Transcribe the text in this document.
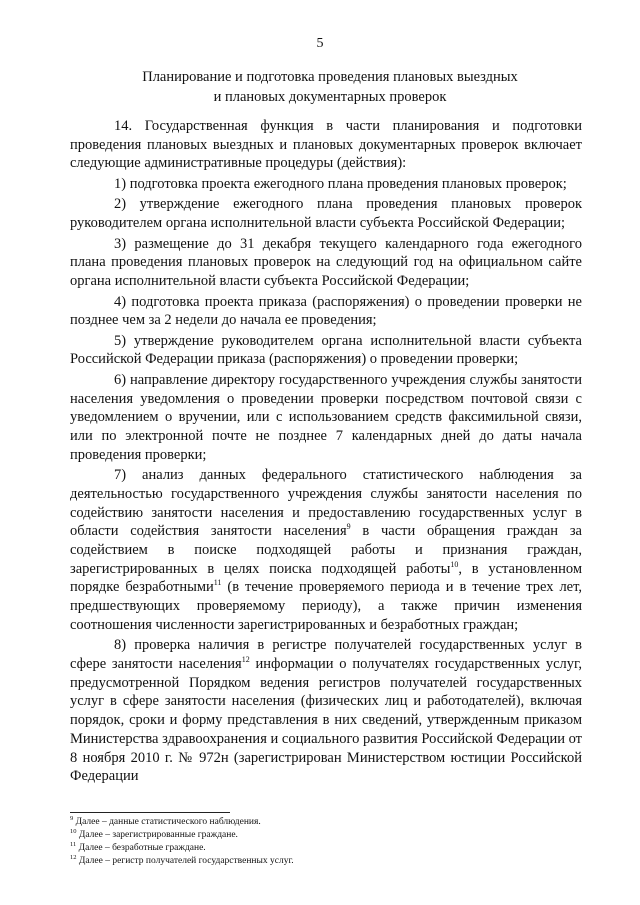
5
Планирование и подготовка проведения плановых выездных
и плановых документарных проверок

14. Государственная функция в части планирования и подготовки проведения плановых выездных и плановых документарных проверок включает следующие административные процедуры (действия):

1) подготовка проекта ежегодного плана проведения плановых проверок;

2) утверждение ежегодного плана проведения плановых проверок руководителем органа исполнительной власти субъекта Российской Федерации;

3) размещение до 31 декабря текущего календарного года ежегодного плана проведения плановых проверок на следующий год на официальном сайте органа исполнительной власти субъекта Российской Федерации;

4) подготовка проекта приказа (распоряжения) о проведении проверки не позднее чем за 2 недели до начала ее проведения;

5) утверждение руководителем органа исполнительной власти субъекта Российской Федерации приказа (распоряжения) о проведении проверки;

6) направление директору государственного учреждения службы занятости населения уведомления о проведении проверки посредством почтовой связи с уведомлением о вручении, или с использованием средств факсимильной связи, или по электронной почте не позднее 7 календарных дней до даты начала проведения проверки;

7) анализ данных федерального статистического наблюдения за деятельностью государственного учреждения службы занятости населения по содействию занятости населения и предоставлению государственных услуг в области содействия занятости населения$^9$ в части обращения граждан за содействием в поиске подходящей работы и признания граждан, зарегистрированных в целях поиска подходящей работы$^{10}$, в установленном порядке безработными$^{11}$ (в течение проверяемого периода и в течение трех лет, предшествующих проверяемому периоду), а также причин изменения соотношения численности зарегистрированных и безработных граждан;

8) проверка наличия в регистре получателей государственных услуг в сфере занятости населения$^{12}$ информации о получателях государственных услуг, предусмотренной Порядком ведения регистров получателей государственных услуг в сфере занятости населения (физических лиц и работодателей), включая порядок, сроки и форму представления в них сведений, утвержденным приказом Министерства здравоохранения и социального развития Российской Федерации от 8 ноября 2010 г. № 972н (зарегистрирован Министерством юстиции Российской Федерации

$^9$ Далее – данные статистического наблюдения.
$^{10}$ Далее – зарегистрированные граждане.
$^{11}$ Далее – безработные граждане.
$^{12}$ Далее – регистр получателей государственных услуг.
